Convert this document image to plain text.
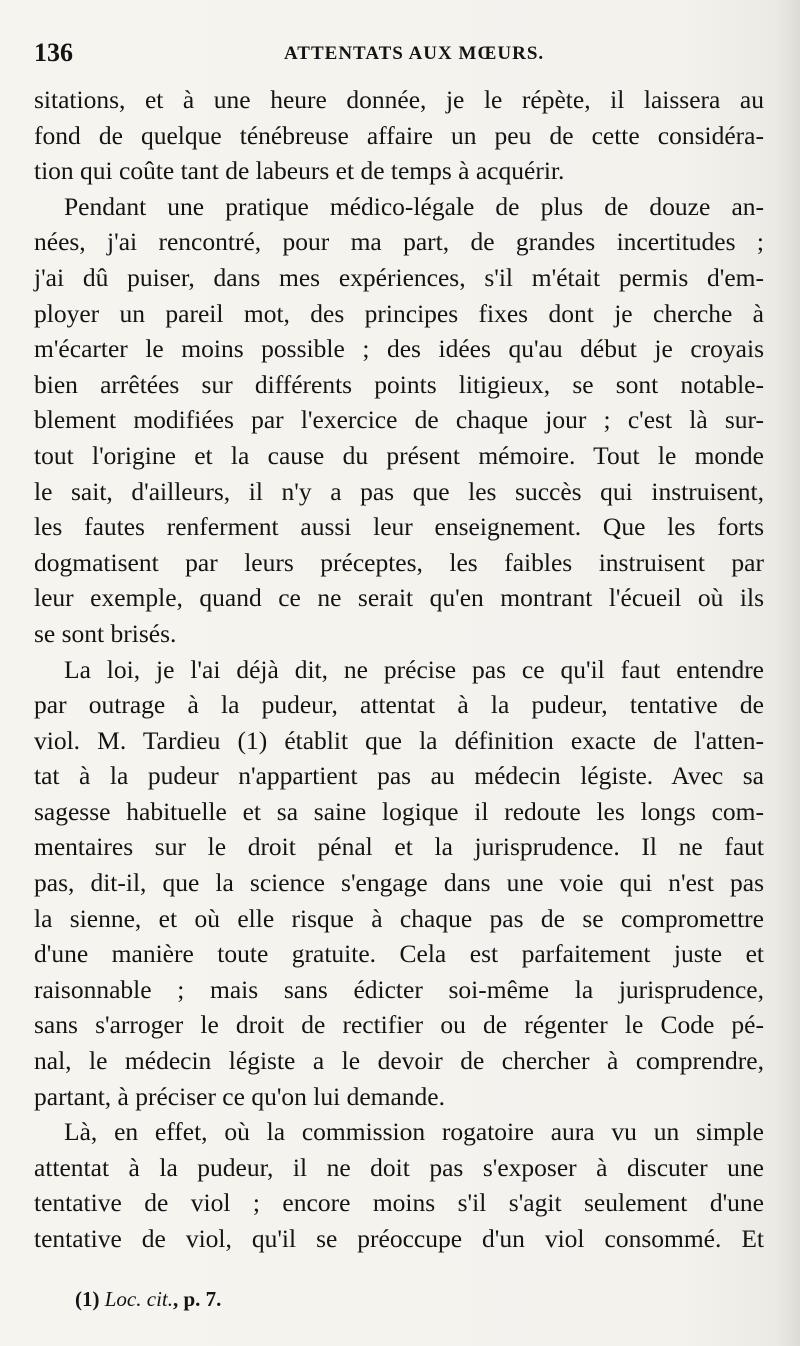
136	ATTENTATS AUX MŒURS.

sitations, et à une heure donnée, je le répète, il laissera au
fond de quelque ténébreuse affaire un peu de cette considéra-
tion qui coûte tant de labeurs et de temps à acquérir.

Pendant une pratique médico-légale de plus de douze an-
nées, j'ai rencontré, pour ma part, de grandes incertitudes ;
j'ai dû puiser, dans mes expériences, s'il m'était permis d'em-
ployer un pareil mot, des principes fixes dont je cherche à
m'écarter le moins possible ; des idées qu'au début je croyais
bien arrêtées sur différents points litigieux, se sont notable-
blement modifiées par l'exercice de chaque jour ; c'est là sur-
tout l'origine et la cause du présent mémoire. Tout le monde
le sait, d'ailleurs, il n'y a pas que les succès qui instruisent,
les fautes renferment aussi leur enseignement. Que les forts
dogmatisent par leurs préceptes, les faibles instruisent par
leur exemple, quand ce ne serait qu'en montrant l'écueil où ils
se sont brisés.

La loi, je l'ai déjà dit, ne précise pas ce qu'il faut entendre
par outrage à la pudeur, attentat à la pudeur, tentative de
viol. M. Tardieu (1) établit que la définition exacte de l'atten-
tat à la pudeur n'appartient pas au médecin légiste. Avec sa
sagesse habituelle et sa saine logique il redoute les longs com-
mentaires sur le droit pénal et la jurisprudence. Il ne faut
pas, dit-il, que la science s'engage dans une voie qui n'est pas
la sienne, et où elle risque à chaque pas de se compromettre
d'une manière toute gratuite. Cela est parfaitement juste et
raisonnable ; mais sans édicter soi-même la jurisprudence,
sans s'arroger le droit de rectifier ou de régenter le Code pé-
nal, le médecin légiste a le devoir de chercher à comprendre,
partant, à préciser ce qu'on lui demande.

Là, en effet, où la commission rogatoire aura vu un simple
attentat à la pudeur, il ne doit pas s'exposer à discuter une
tentative de viol ; encore moins s'il s'agit seulement d'une
tentative de viol, qu'il se préoccupe d'un viol consommé. Et

(1) Loc. cit., p. 7.
